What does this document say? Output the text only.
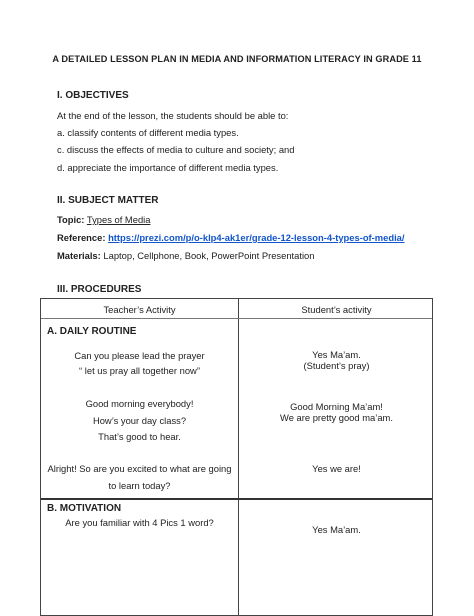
A DETAILED LESSON PLAN IN MEDIA AND INFORMATION LITERACY IN GRADE 11
I. OBJECTIVES
At the end of the lesson, the students should be able to:
a. classify contents of different media types.
c. discuss the effects of media to culture and society; and
d. appreciate the importance of different media types.
II. SUBJECT MATTER
Topic: Types of Media
Reference: https://prezi.com/p/o-klp4-ak1er/grade-12-lesson-4-types-of-media/
Materials: Laptop, Cellphone, Book, PowerPoint Presentation
III. PROCEDURES
Teacher’s Activity	Student’s activity
A. DAILY ROUTINE
Can you please lead the prayer
“ let us pray all together now”
Good morning everybody!
How’s your day class?
That’s good to hear.
Alright! So are you excited to what are going
to learn today?
Yes Ma’am.
(Student’s pray)
Good Morning Ma’am!
We are pretty good ma’am.
Yes we are!
B. MOTIVATION
Are you familiar with 4 Pics 1 word?
Yes Ma’am.
